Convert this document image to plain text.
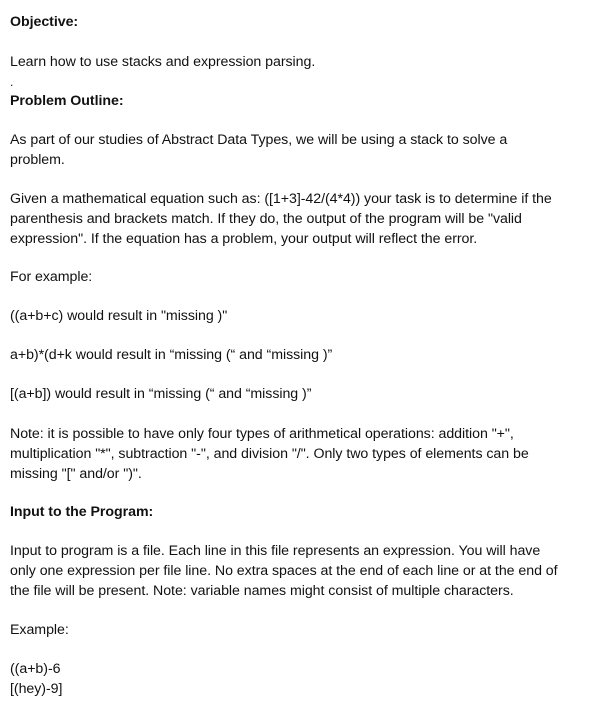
Objective:
Learn how to use stacks and expression parsing.
.
Problem Outline:
As part of our studies of Abstract Data Types, we will be using a stack to solve a
problem.
Given a mathematical equation such as: ([1+3]-42/(4*4)) your task is to determine if the
parenthesis and brackets match. If they do, the output of the program will be "valid
expression". If the equation has a problem, your output will reflect the error.
For example:
((a+b+c) would result in "missing )"
a+b)*(d+k would result in “missing (“ and “missing )”
[(a+b]) would result in “missing (“ and “missing )”
Note: it is possible to have only four types of arithmetical operations: addition "+",
multiplication "*", subtraction "-", and division "/". Only two types of elements can be
missing "[" and/or ")".
Input to the Program:
Input to program is a file. Each line in this file represents an expression. You will have
only one expression per file line. No extra spaces at the end of each line or at the end of
the file will be present. Note: variable names might consist of multiple characters.
Example:
((a+b)-6
[(hey)-9]
